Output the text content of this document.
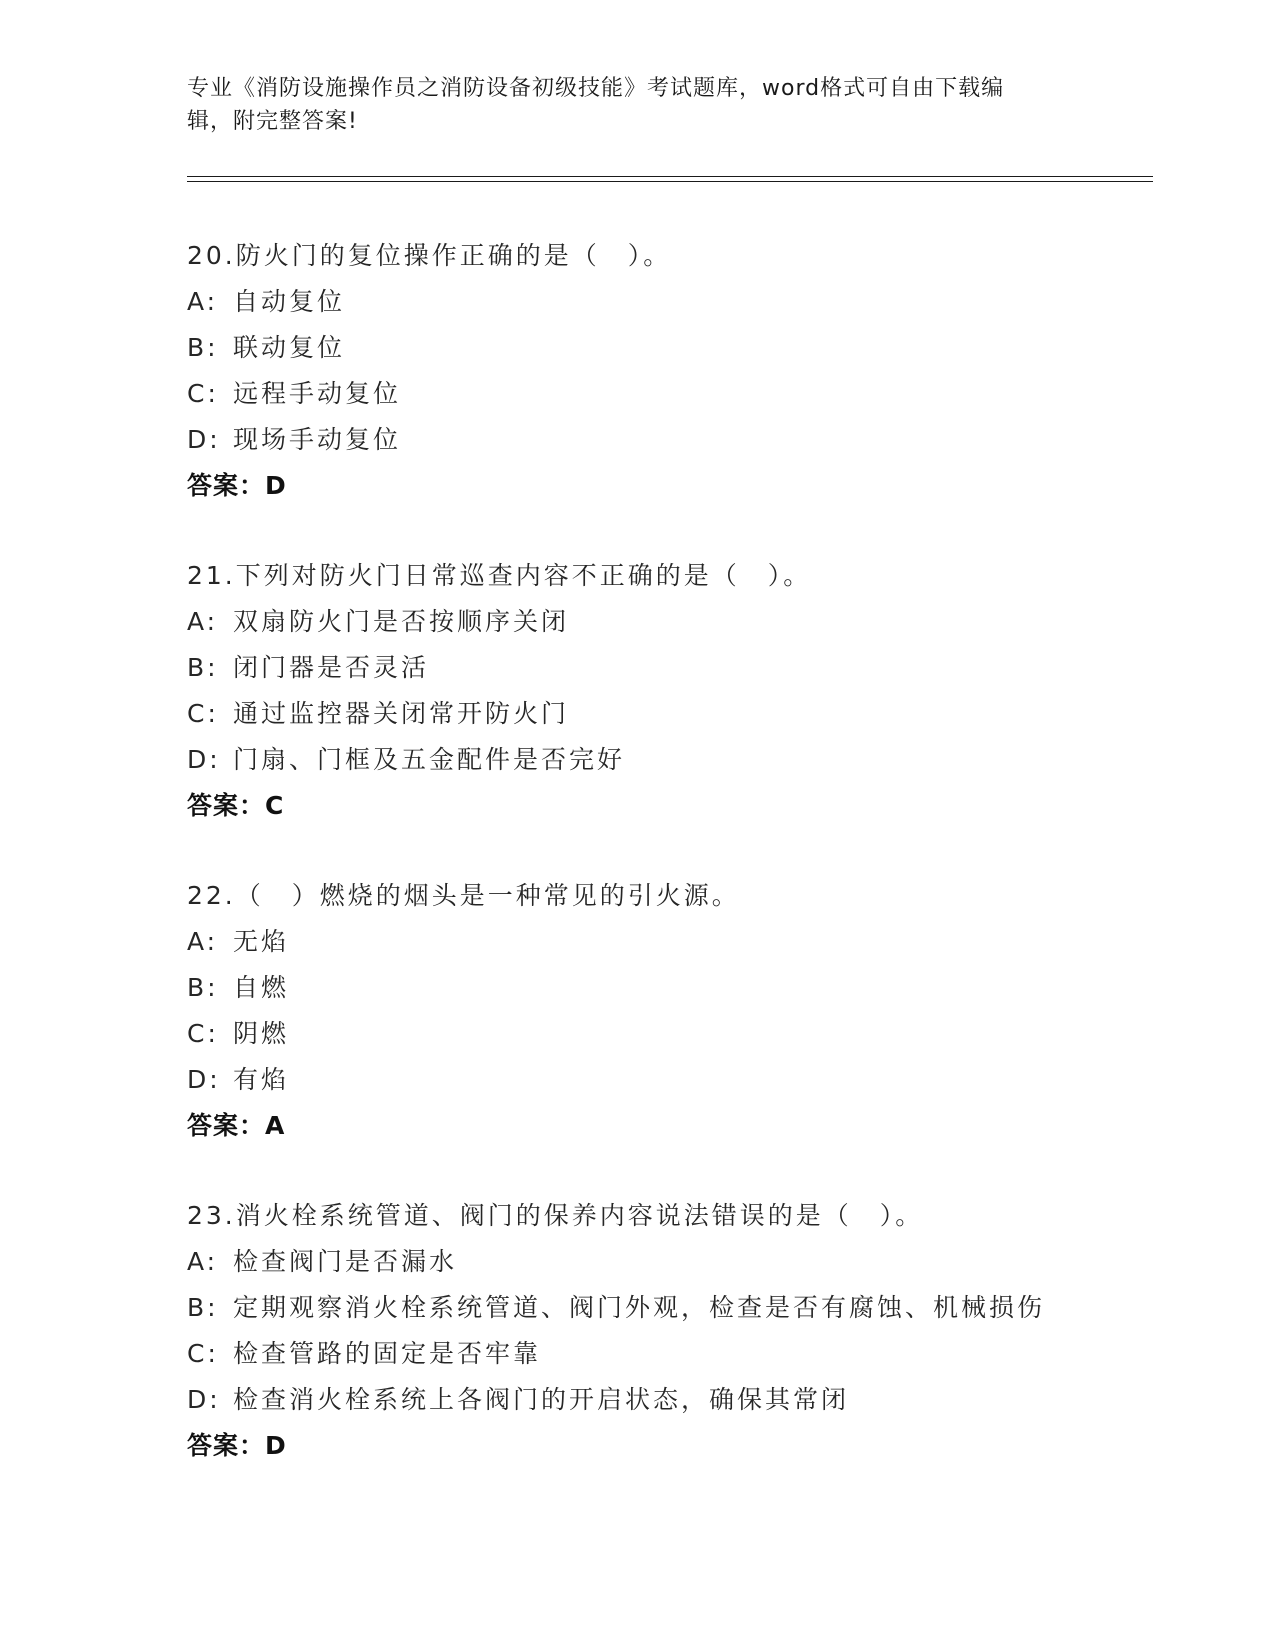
专业《消防设施操作员之消防设备初级技能》考试题库，word格式可自由下载编
辑，附完整答案!
20.防火门的复位操作正确的是（　）。
A: 自动复位
B: 联动复位
C: 远程手动复位
D: 现场手动复位
答案：D
21.下列对防火门日常巡查内容不正确的是（　）。
A: 双扇防火门是否按顺序关闭
B: 闭门器是否灵活
C: 通过监控器关闭常开防火门
D: 门扇、门框及五金配件是否完好
答案：C
22.（　）燃烧的烟头是一种常见的引火源。
A: 无焰
B: 自燃
C: 阴燃
D: 有焰
答案：A
23.消火栓系统管道、阀门的保养内容说法错误的是（　）。
A: 检查阀门是否漏水
B: 定期观察消火栓系统管道、阀门外观，检查是否有腐蚀、机械损伤
C: 检查管路的固定是否牢靠
D: 检查消火栓系统上各阀门的开启状态，确保其常闭
答案：D
